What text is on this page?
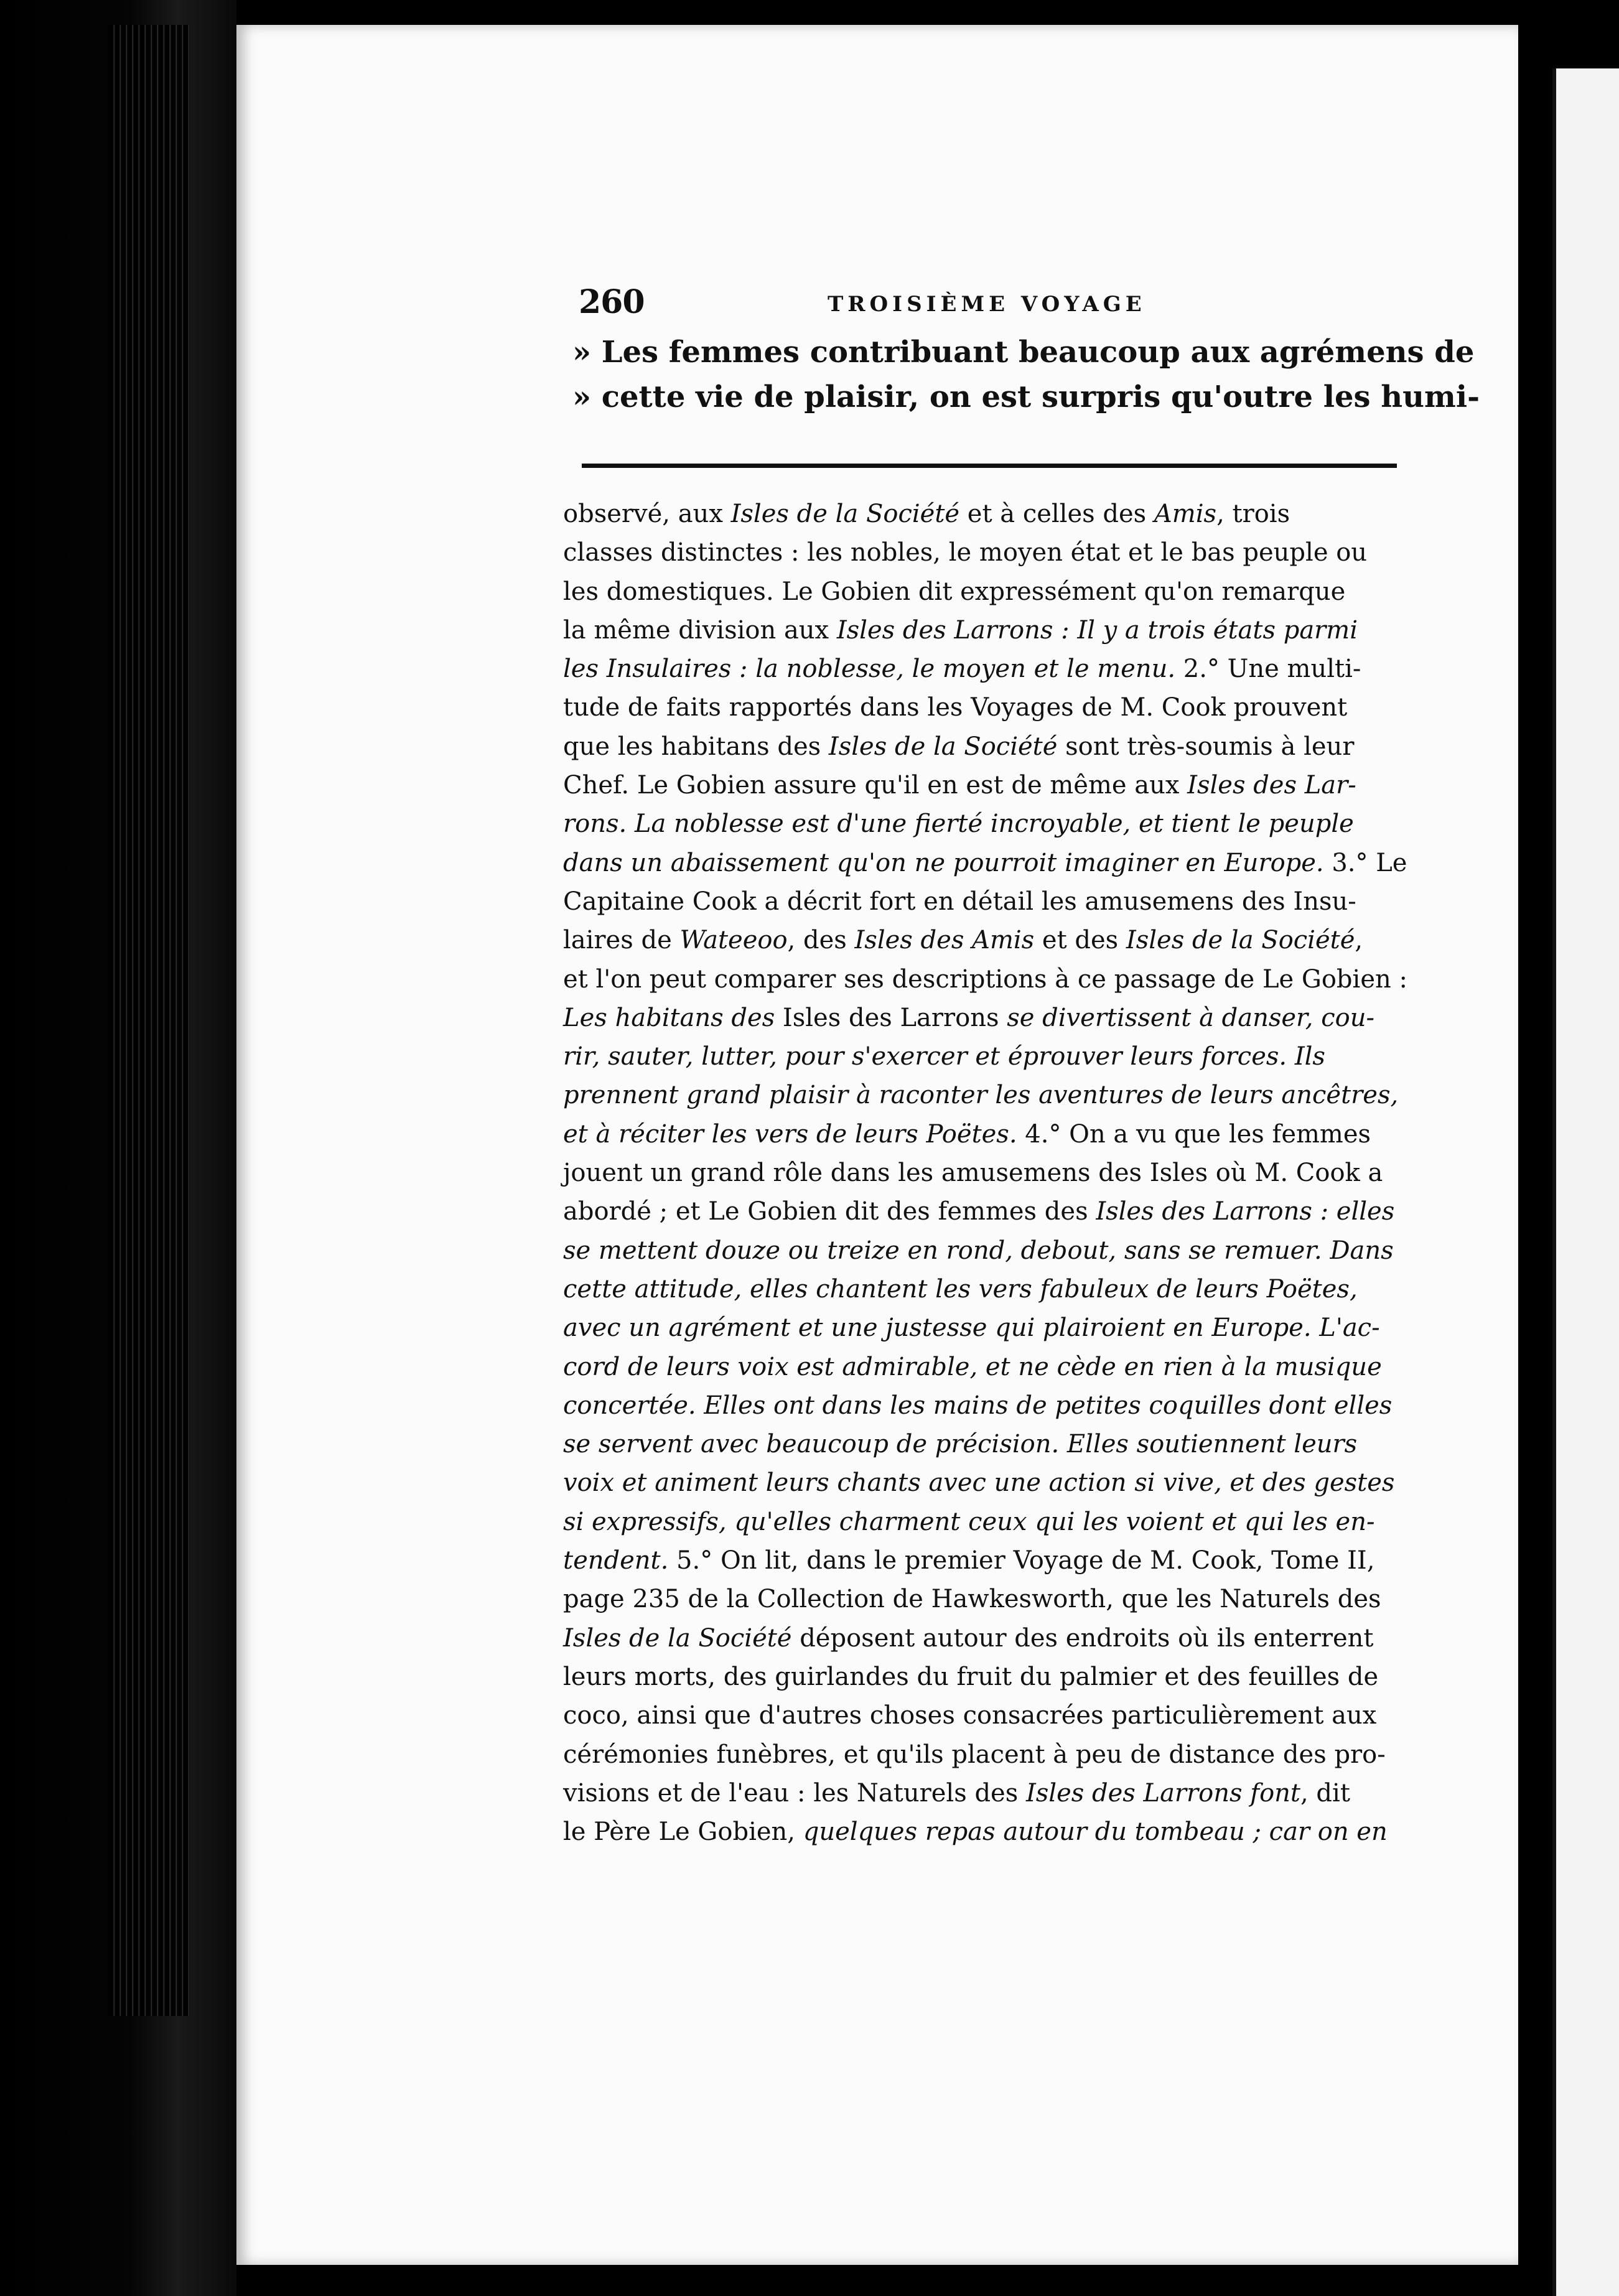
260	TROISIÈME VOYAGE
» Les femmes contribuant beaucoup aux agrémens de
» cette vie de plaisir, on est surpris qu'outre les humi-
observé, aux Isles de la Société et à celles des Amis, trois
classes distinctes : les nobles, le moyen état et le bas peuple ou
les domestiques. Le Gobien dit expressément qu'on remarque
la même division aux Isles des Larrons : Il y a trois états parmi
les Insulaires : la noblesse, le moyen et le menu. 2.° Une multi-
tude de faits rapportés dans les Voyages de M. Cook prouvent
que les habitans des Isles de la Société sont très-soumis à leur
Chef. Le Gobien assure qu'il en est de même aux Isles des Lar-
rons. La noblesse est d'une fierté incroyable, et tient le peuple
dans un abaissement qu'on ne pourroit imaginer en Europe. 3.° Le
Capitaine Cook a décrit fort en détail les amusemens des Insu-
laires de Wateeoo, des Isles des Amis et des Isles de la Société,
et l'on peut comparer ses descriptions à ce passage de Le Gobien :
Les habitans des Isles des Larrons se divertissent à danser, cou-
rir, sauter, lutter, pour s'exercer et éprouver leurs forces. Ils
prennent grand plaisir à raconter les aventures de leurs ancêtres,
et à réciter les vers de leurs Poëtes. 4.° On a vu que les femmes
jouent un grand rôle dans les amusemens des Isles où M. Cook a
abordé ; et Le Gobien dit des femmes des Isles des Larrons : elles
se mettent douze ou treize en rond, debout, sans se remuer. Dans
cette attitude, elles chantent les vers fabuleux de leurs Poëtes,
avec un agrément et une justesse qui plairoient en Europe. L'ac-
cord de leurs voix est admirable, et ne cède en rien à la musique
concertée. Elles ont dans les mains de petites coquilles dont elles
se servent avec beaucoup de précision. Elles soutiennent leurs
voix et animent leurs chants avec une action si vive, et des gestes
si expressifs, qu'elles charment ceux qui les voient et qui les en-
tendent. 5.° On lit, dans le premier Voyage de M. Cook, Tome II,
page 235 de la Collection de Hawkesworth, que les Naturels des
Isles de la Société déposent autour des endroits où ils enterrent
leurs morts, des guirlandes du fruit du palmier et des feuilles de
coco, ainsi que d'autres choses consacrées particulièrement aux
cérémonies funèbres, et qu'ils placent à peu de distance des pro-
visions et de l'eau : les Naturels des Isles des Larrons font, dit
le Père Le Gobien, quelques repas autour du tombeau ; car on en
